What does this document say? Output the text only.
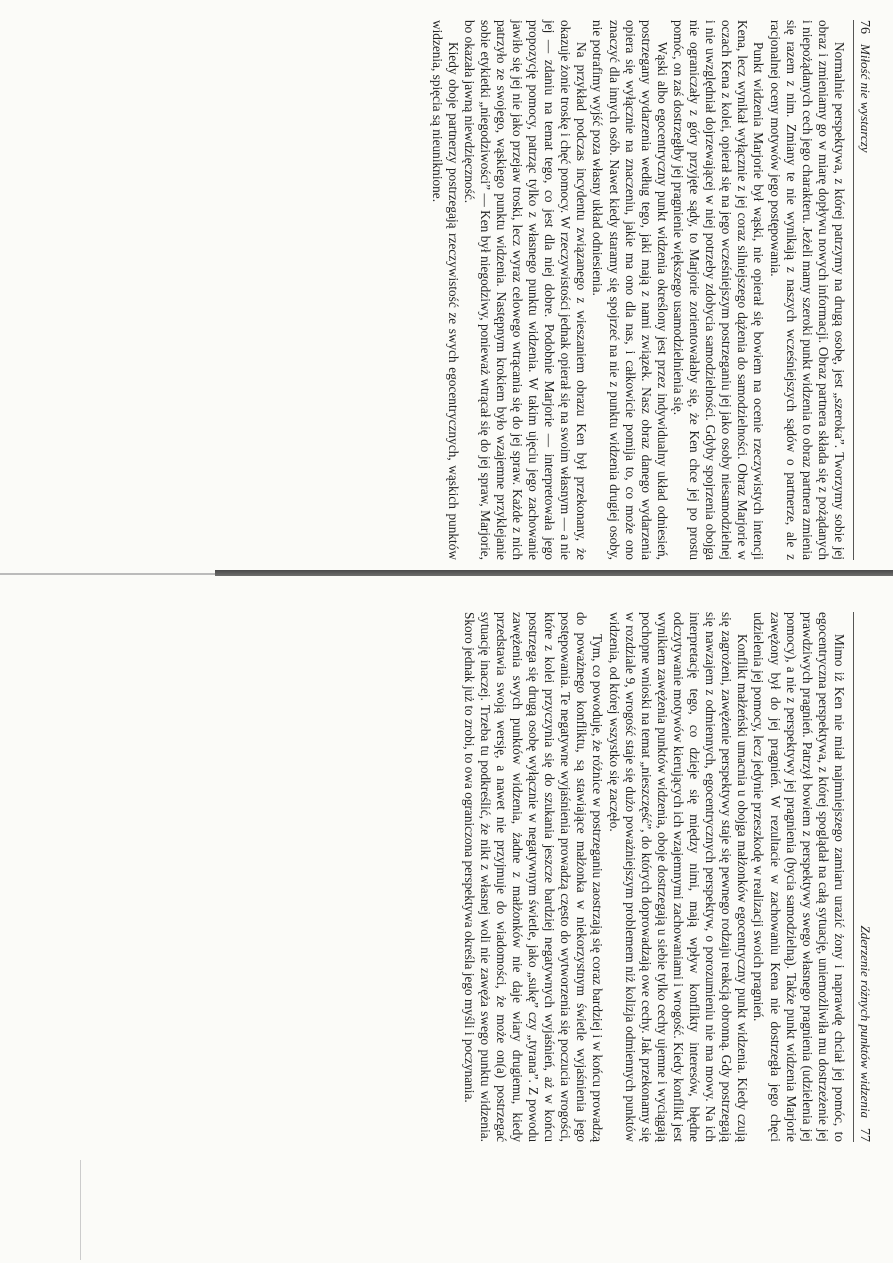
76
Miłość nie wystarczy

Normalnie perspektywa, z której patrzymy na drugą osobę, jest „szeroka”. Tworzymy sobie jej obraz i zmieniamy go w miarę dopływu nowych informacji. Obraz partnera składa się z pożądanych i niepożądanych cech jego charakteru. Jeżeli mamy szeroki punkt widzenia to obraz partnera zmienia się razem z nim. Zmiany te nie wynikają z naszych wcześniejszych sądów o partnerze, ale z racjonalnej oceny motywów jego postępowania.

Punkt widzenia Marjorie był wąski, nie opierał się bowiem na ocenie rzeczywistych intencji Kena, lecz wynikał wyłącznie z jej coraz silniejszego dążenia do samodzielności. Obraz Marjorie w oczach Kena z kolei, opierał się na jego wcześniejszym postrzeganiu jej jako osoby niesamodzielnej i nie uwzględniał dojrzewającej w niej potrzeby zdobycia samodzielności. Gdyby spojrzenia obojga nie ograniczały z góry przyjęte sądy, to Marjorie zorientowałaby się, że Ken chce jej po prostu pomóc, on zaś dostrzegłby jej pragnienie większego usamodzielnienia się.

Wąski albo egocentryczny punkt widzenia określony jest przez indywidualny układ odniesień, postrzegany wydarzenia według tego, jaki mają z nami związek. Nasz obraz danego wydarzenia opiera się wyłącznie na znaczeniu, jakie ma ono dla nas, i całkowicie pomija to, co może ono znaczyć dla innych osób. Nawet kiedy staramy się spojrzeć na nie z punktu widzenia drugiej osoby, nie potrafimy wyjść poza własny układ odniesienia.

Na przykład podczas incydentu związanego z wieszaniem obrazu Ken był przekonany, że okazuje żonie troskę i chęć pomocy. W rzeczywistości jednak opierał się na swoim własnym — a nie jej — zdaniu na temat tego, co jest dla niej dobre. Podobnie Marjorie — interpretowała jego propozycję pomocy, patrząc tylko z własnego punktu widzenia. W takim ujęciu jego zachowanie jawiło się jej nie jako przejaw troski, lecz wyraz celowego wtrącania się do jej spraw. Każde z nich patrzyło ze swojego, wąskiego punktu widzenia. Następnym krokiem było wzajemne przyklejanie sobie etykietki „niegodziwości” — Ken był niegodziwy, ponieważ wtrącał się do jej spraw, Marjorie, bo okazała jawną niewdzięczność.

Kiedy oboje partnerzy postrzegają rzeczywistość ze swych egocentrycznych, wąskich punktów widzenia, spięcia są nieuniknione.

Zderzenie różnych punktów widzenia
77

Mimo iż Ken nie miał najmniejszego zamiaru urazić żony i naprawdę chciał jej pomóc, to egocentryczna perspektywa, z której spoglądał na całą sytuację, uniemożliwiła mu dostrzeżenie jej prawdziwych pragnień. Patrzył bowiem z perspektywy swego własnego pragnienia (udzielenia jej pomocy), a nie z perspektywy jej pragnienia (bycia samodzielną). Także punkt widzenia Marjorie zawężony był do jej pragnień. W rezultacie w zachowaniu Kena nie dostrzegła jego chęci udzielenia jej pomocy, lecz jedynie przeszkodę w realizacji swoich pragnień.

Konflikt małżeński umacnia u obojga małżonków egocentryczny punkt widzenia. Kiedy czują się zagrożeni, zawężenie perspektywy staje się pewnego rodzaju reakcją obronną. Gdy postrzegają się nawzajem z odmiennych, egocentrycznych perspektyw, o porozumieniu nie ma mowy. Na ich interpretację tego, co dzieje się między nimi, mają wpływ konflikty interesów, błędne odczytywanie motywów kierujących ich wzajemnymi zachowaniami i wrogość. Kiedy konflikt jest wynikiem zawężenia punktów widzenia, oboje dostrzegają u siebie tylko cechy ujemne i wyciągają pochopne wnioski na temat „nieszczęść”, do których doprowadzają owe cechy. Jak przekonamy się w rozdziale 9, wrogość staje się dużo poważniejszym problemem niż kolizja odmiennych punktów widzenia, od której wszystko się zaczęło.

Tym, co powoduje, że różnice w postrzeganiu zaostrzają się coraz bardziej i w końcu prowadzą do poważnego konfliktu, są stawiające małżonka w niekorzystnym świetle wyjaśnienia jego postępowania. Te negatywne wyjaśnienia prowadzą często do wytworzenia się poczucia wrogości, które z kolei przyczynia się do szukania jeszcze bardziej negatywnych wyjaśnień, aż w końcu postrzega się drugą osobę wyłącznie w negatywnym świetle, jako „sukę” czy „tyrana”. Z powodu zawężenia swych punktów widzenia, żadne z małżonków nie daje wiary drugiemu, kiedy przedstawia swoją wersję, a nawet nie przyjmuje do wiadomości, że może on(a) postrzegać sytuację inaczej. Trzeba tu podkreślić, że nikt z własnej woli nie zawęża swego punktu widzenia. Skoro jednak już to zrobi, to owa ograniczona perspektywa określa jego myśli i poczynania.
